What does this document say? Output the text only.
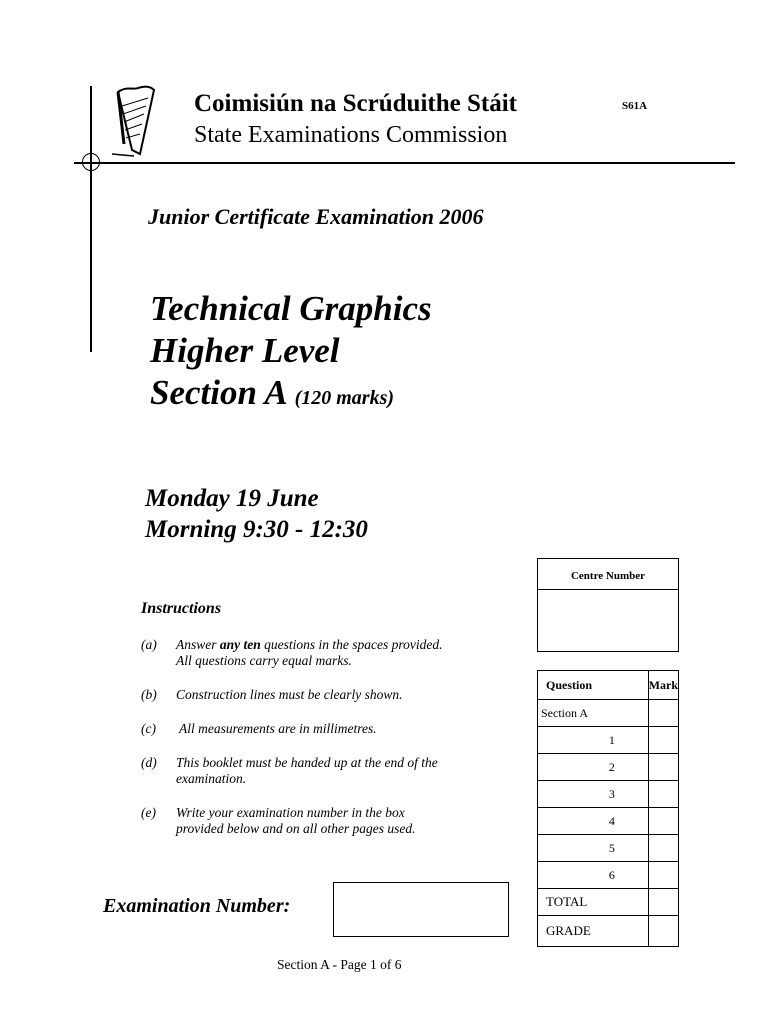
Coimisiún na Scrúduithe Stáit
State Examinations Commission
S61A
Junior Certificate Examination 2006
Technical Graphics
Higher Level
Section A (120 marks)
Monday 19 June
Morning 9:30 - 12:30
Instructions
(a) Answer any ten questions in the spaces provided.
All questions carry equal marks.
(b) Construction lines must be clearly shown.
(c) All measurements are in millimetres.
(d) This booklet must be handed up at the end of the
examination.
(e) Write your examination number in the box
provided below and on all other pages used.
Examination Number:
Centre Number
Question	Mark
Section A	
1	
2	
3	
4	
5	
6	
TOTAL	
GRADE	
Section A - Page 1 of 6
